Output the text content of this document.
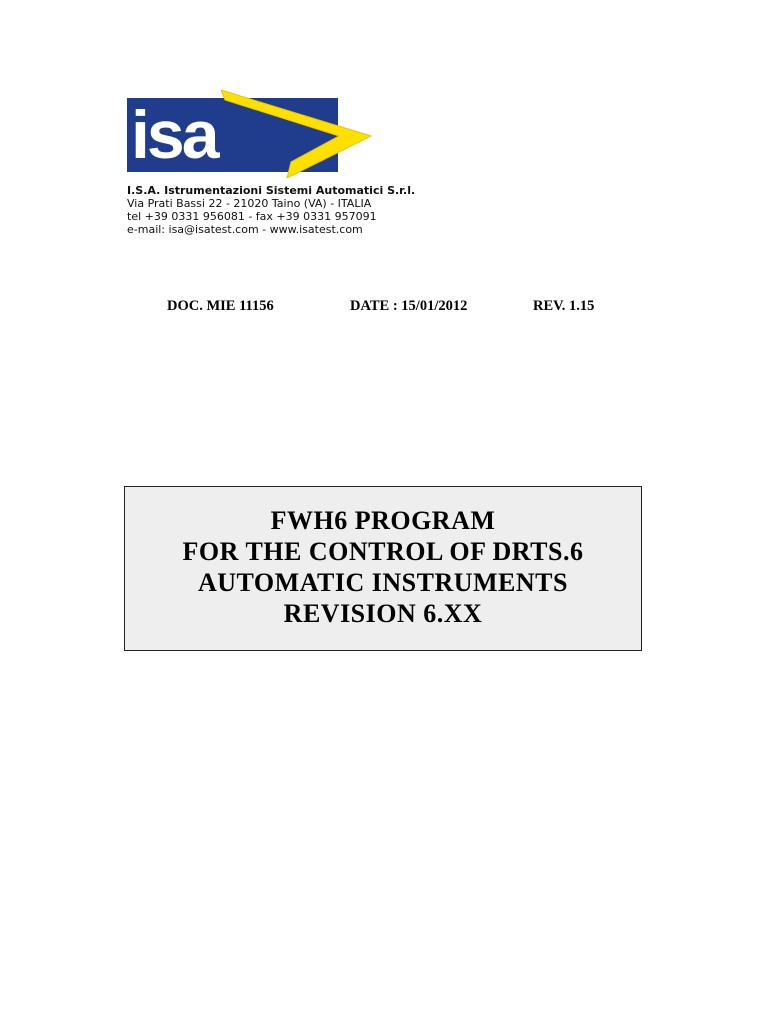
isa
I.S.A. Istrumentazioni Sistemi Automatici S.r.l.
Via Prati Bassi 22 - 21020 Taino (VA) - ITALIA
tel +39 0331 956081 - fax +39 0331 957091
e-mail: isa@isatest.com - www.isatest.com
DOC. MIE 11156	DATE : 15/01/2012	REV. 1.15
FWH6 PROGRAM
FOR THE CONTROL OF DRTS.6
AUTOMATIC INSTRUMENTS
REVISION 6.XX
